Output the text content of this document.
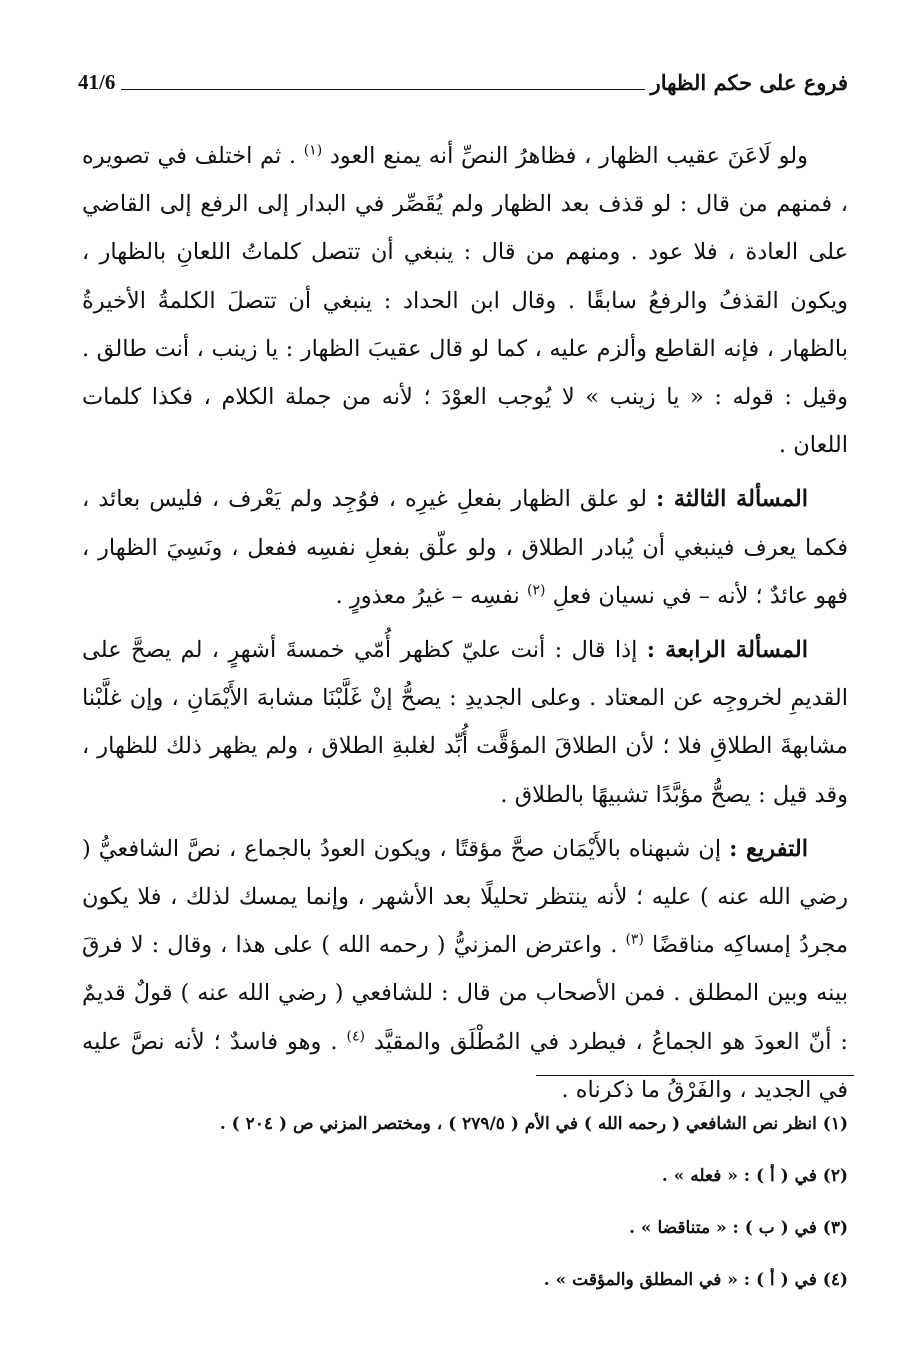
فروع على حكم الظهار
41/6

ولو لَاعَنَ عقيب الظهار ، فظاهرُ النصِّ أنه يمنع العود $^{(١)}$ . ثم اختلف في تصويره ، فمنهم من قال : لو قذف بعد الظهار ولم يُقَصِّر في البدار إلى الرفع إلى القاضي على العادة ، فلا عود . ومنهم من قال : ينبغي أن تتصل كلماتُ اللعانِ بالظهار ، ويكون القذفُ والرفعُ سابقًا . وقال ابن الحداد : ينبغي أن تتصلَ الكلمةُ الأخيرةُ بالظهار ، فإنه القاطع وألزم عليه ، كما لو قال عقيبَ الظهار : يا زينب ، أنت طالق . وقيل : قوله : « يا زينب » لا يُوجب العوْدَ ؛ لأنه من جملة الكلام ، فكذا كلمات اللعان .

المسألة الثالثة : لو علق الظهار بفعلِ غيرِه ، فوُجِد ولم يَعْرف ، فليس بعائد ، فكما يعرف فينبغي أن يُبادر الطلاق ، ولو علّق بفعلِ نفسِه ففعل ، ونَسِيَ الظهار ، فهو عائدٌ ؛ لأنه – في نسيان فعلِ $^{(٢)}$ نفسِه – غيرُ معذورٍ .

المسألة الرابعة : إذا قال : أنت عليّ كظهر أُمّي خمسةَ أشهرٍ ، لم يصحَّ على القديمِ لخروجِه عن المعتاد . وعلى الجديدِ : يصحُّ إنْ غَلَّبْنَا مشابهَ الأَيْمَانِ ، وإن غلَّبْنا مشابهةَ الطلاقِ فلا ؛ لأن الطلاقَ المؤقَّت أُبِّد لغلبةِ الطلاق ، ولم يظهر ذلك للظهار ، وقد قيل : يصحُّ مؤبَّدًا تشبيهًا بالطلاق .

التفريع : إن شبهناه بالأَيْمَان صحَّ مؤقتًا ، ويكون العودُ بالجماع ، نصَّ الشافعيُّ ( رضي الله عنه ) عليه ؛ لأنه ينتظر تحليلًا بعد الأشهر ، وإنما يمسك لذلك ، فلا يكون مجردُ إمساكِه مناقضًا $^{(٣)}$ . واعترض المزنيُّ ( رحمه الله ) على هذا ، وقال : لا فرقَ بينه وبين المطلق . فمن الأصحاب من قال : للشافعي ( رضي الله عنه ) قولٌ قديمٌ : أنّ العودَ هو الجماعُ ، فيطرد في المُطْلَق والمقيَّد $^{(٤)}$ . وهو فاسدٌ ؛ لأنه نصَّ عليه في الجديد ، والفَرْقُ ما ذكرناه .

(١) انظر نص الشافعي ( رحمه الله ) في الأم ( ٢٧٩/٥ ) ، ومختصر المزني ص ( ٢٠٤ ) .
(٢) في ( أ ) : « فعله » .
(٣) في ( ب ) : « متناقضا » .
(٤) في ( أ ) : « في المطلق والمؤقت » .
